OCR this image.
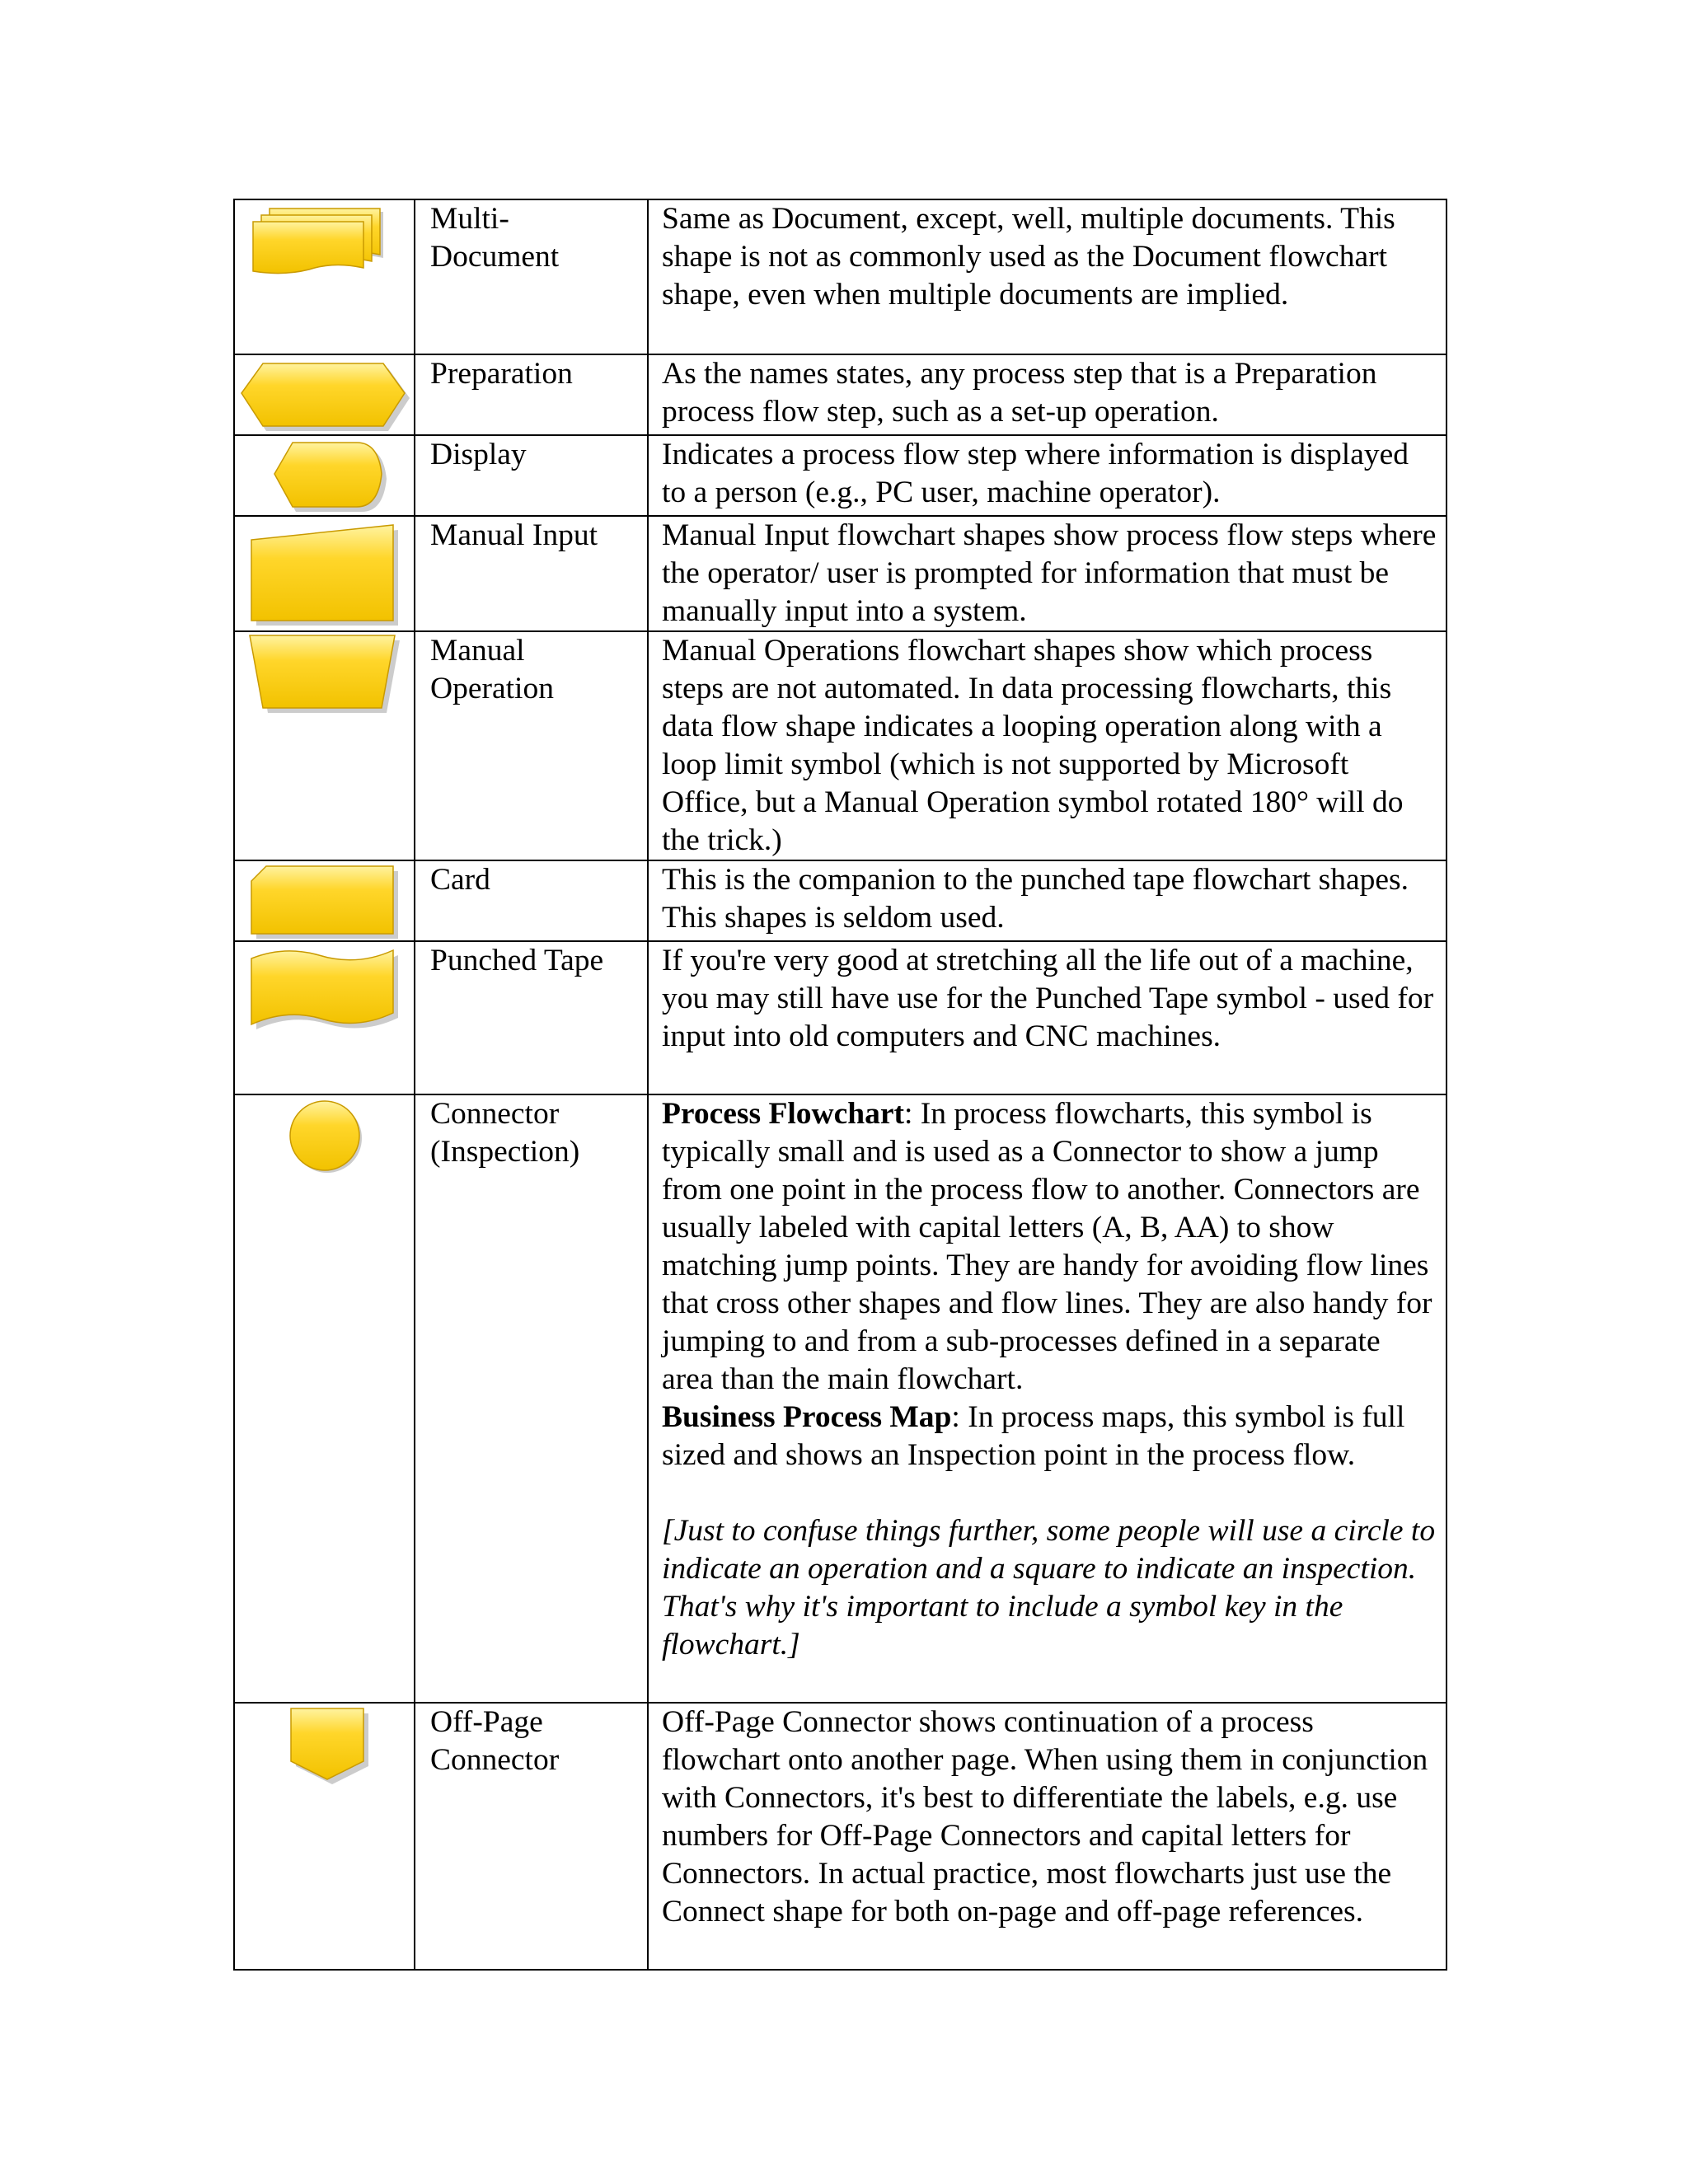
	Multi-
Document	Same as Document, except, well, multiple documents. This shape is not as commonly used as the Document flowchart shape, even when multiple documents are implied.

	Preparation	As the names states, any process step that is a Preparation process flow step, such as a set-up operation.

	Display	Indicates a process flow step where information is displayed to a person (e.g., PC user, machine operator).

	Manual Input	Manual Input flowchart shapes show process flow steps where the operator/ user is prompted for information that must be manually input into a system.

	Manual
Operation	Manual Operations flowchart shapes show which process steps are not automated. In data processing flowcharts, this data flow shape indicates a looping operation along with a loop limit symbol (which is not supported by Microsoft Office, but a Manual Operation symbol rotated 180° will do the trick.)

	Card	This is the companion to the punched tape flowchart shapes. This shapes is seldom used.

	Punched Tape	If you're very good at stretching all the life out of a machine, you may still have use for the Punched Tape symbol - used for input into old computers and CNC machines.

	Connector
(Inspection)	Process Flowchart: In process flowcharts, this symbol is typically small and is used as a Connector to show a jump from one point in the process flow to another. Connectors are usually labeled with capital letters (A, B, AA) to show matching jump points. They are handy for avoiding flow lines that cross other shapes and flow lines. They are also handy for jumping to and from a sub-processes defined in a separate area than the main flowchart.
Business Process Map: In process maps, this symbol is full sized and shows an Inspection point in the process flow.
[Just to confuse things further, some people will use a circle to indicate an operation and a square to indicate an inspection. That's why it's important to include a symbol key in the flowchart.]

	Off-Page
Connector	Off-Page Connector shows continuation of a process flowchart onto another page. When using them in conjunction with Connectors, it's best to differentiate the labels, e.g. use numbers for Off-Page Connectors and capital letters for Connectors. In actual practice, most flowcharts just use the Connect shape for both on-page and off-page references.
